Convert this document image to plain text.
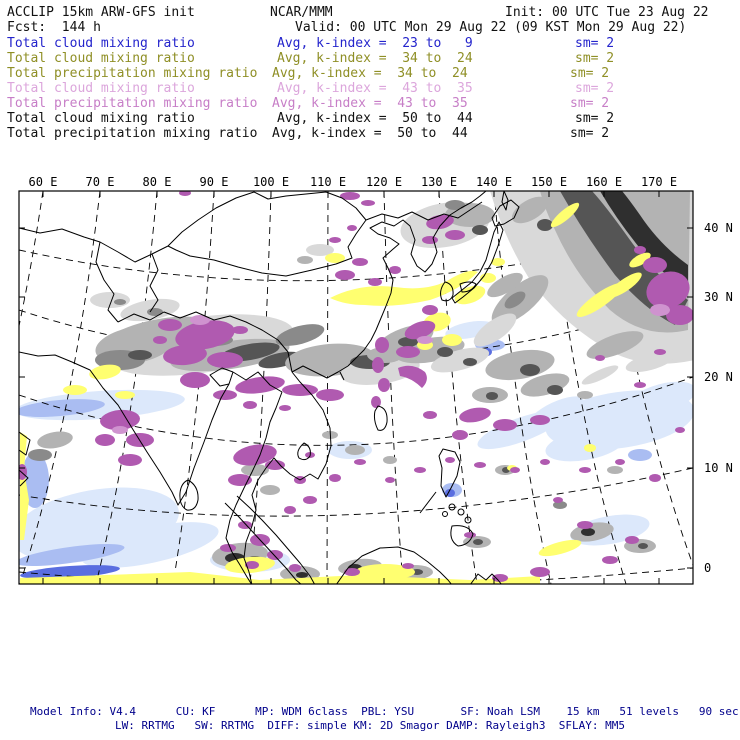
ACCLIP 15km ARW-GFS init	NCAR/MMM	Init: 00 UTC Tue 23 Aug 22
Fcst:  144 h	Valid: 00 UTC Mon 29 Aug 22 (09 KST Mon 29 Aug 22)
Total cloud mixing ratio	Avg, k-index =  23 to   9	sm= 2
Total cloud mixing ratio	Avg, k-index =  34 to  24	sm= 2
Total precipitation mixing ratio Avg, k-index =  34 to  24	sm= 2
Total cloud mixing ratio	Avg, k-index =  43 to  35	sm= 2
Total precipitation mixing ratio Avg, k-index =  43 to  35	sm= 2
Total cloud mixing ratio	Avg, k-index =  50 to  44	sm= 2
Total precipitation mixing ratio Avg, k-index =  50 to  44	sm= 2
60 E 70 E 80 E 90 E 100 E 110 E 120 E 130 E 140 E 150 E 160 E 170 E
40 N
30 N
20 N
10 N
0
Model Info: V4.4      CU: KF      MP: WDM 6class  PBL: YSU       SF: Noah LSM    15 km   51 levels   90 sec
LW: RRTMG   SW: RRTMG  DIFF: simple KM: 2D Smagor DAMP: Rayleigh3  SFLAY: MM5
